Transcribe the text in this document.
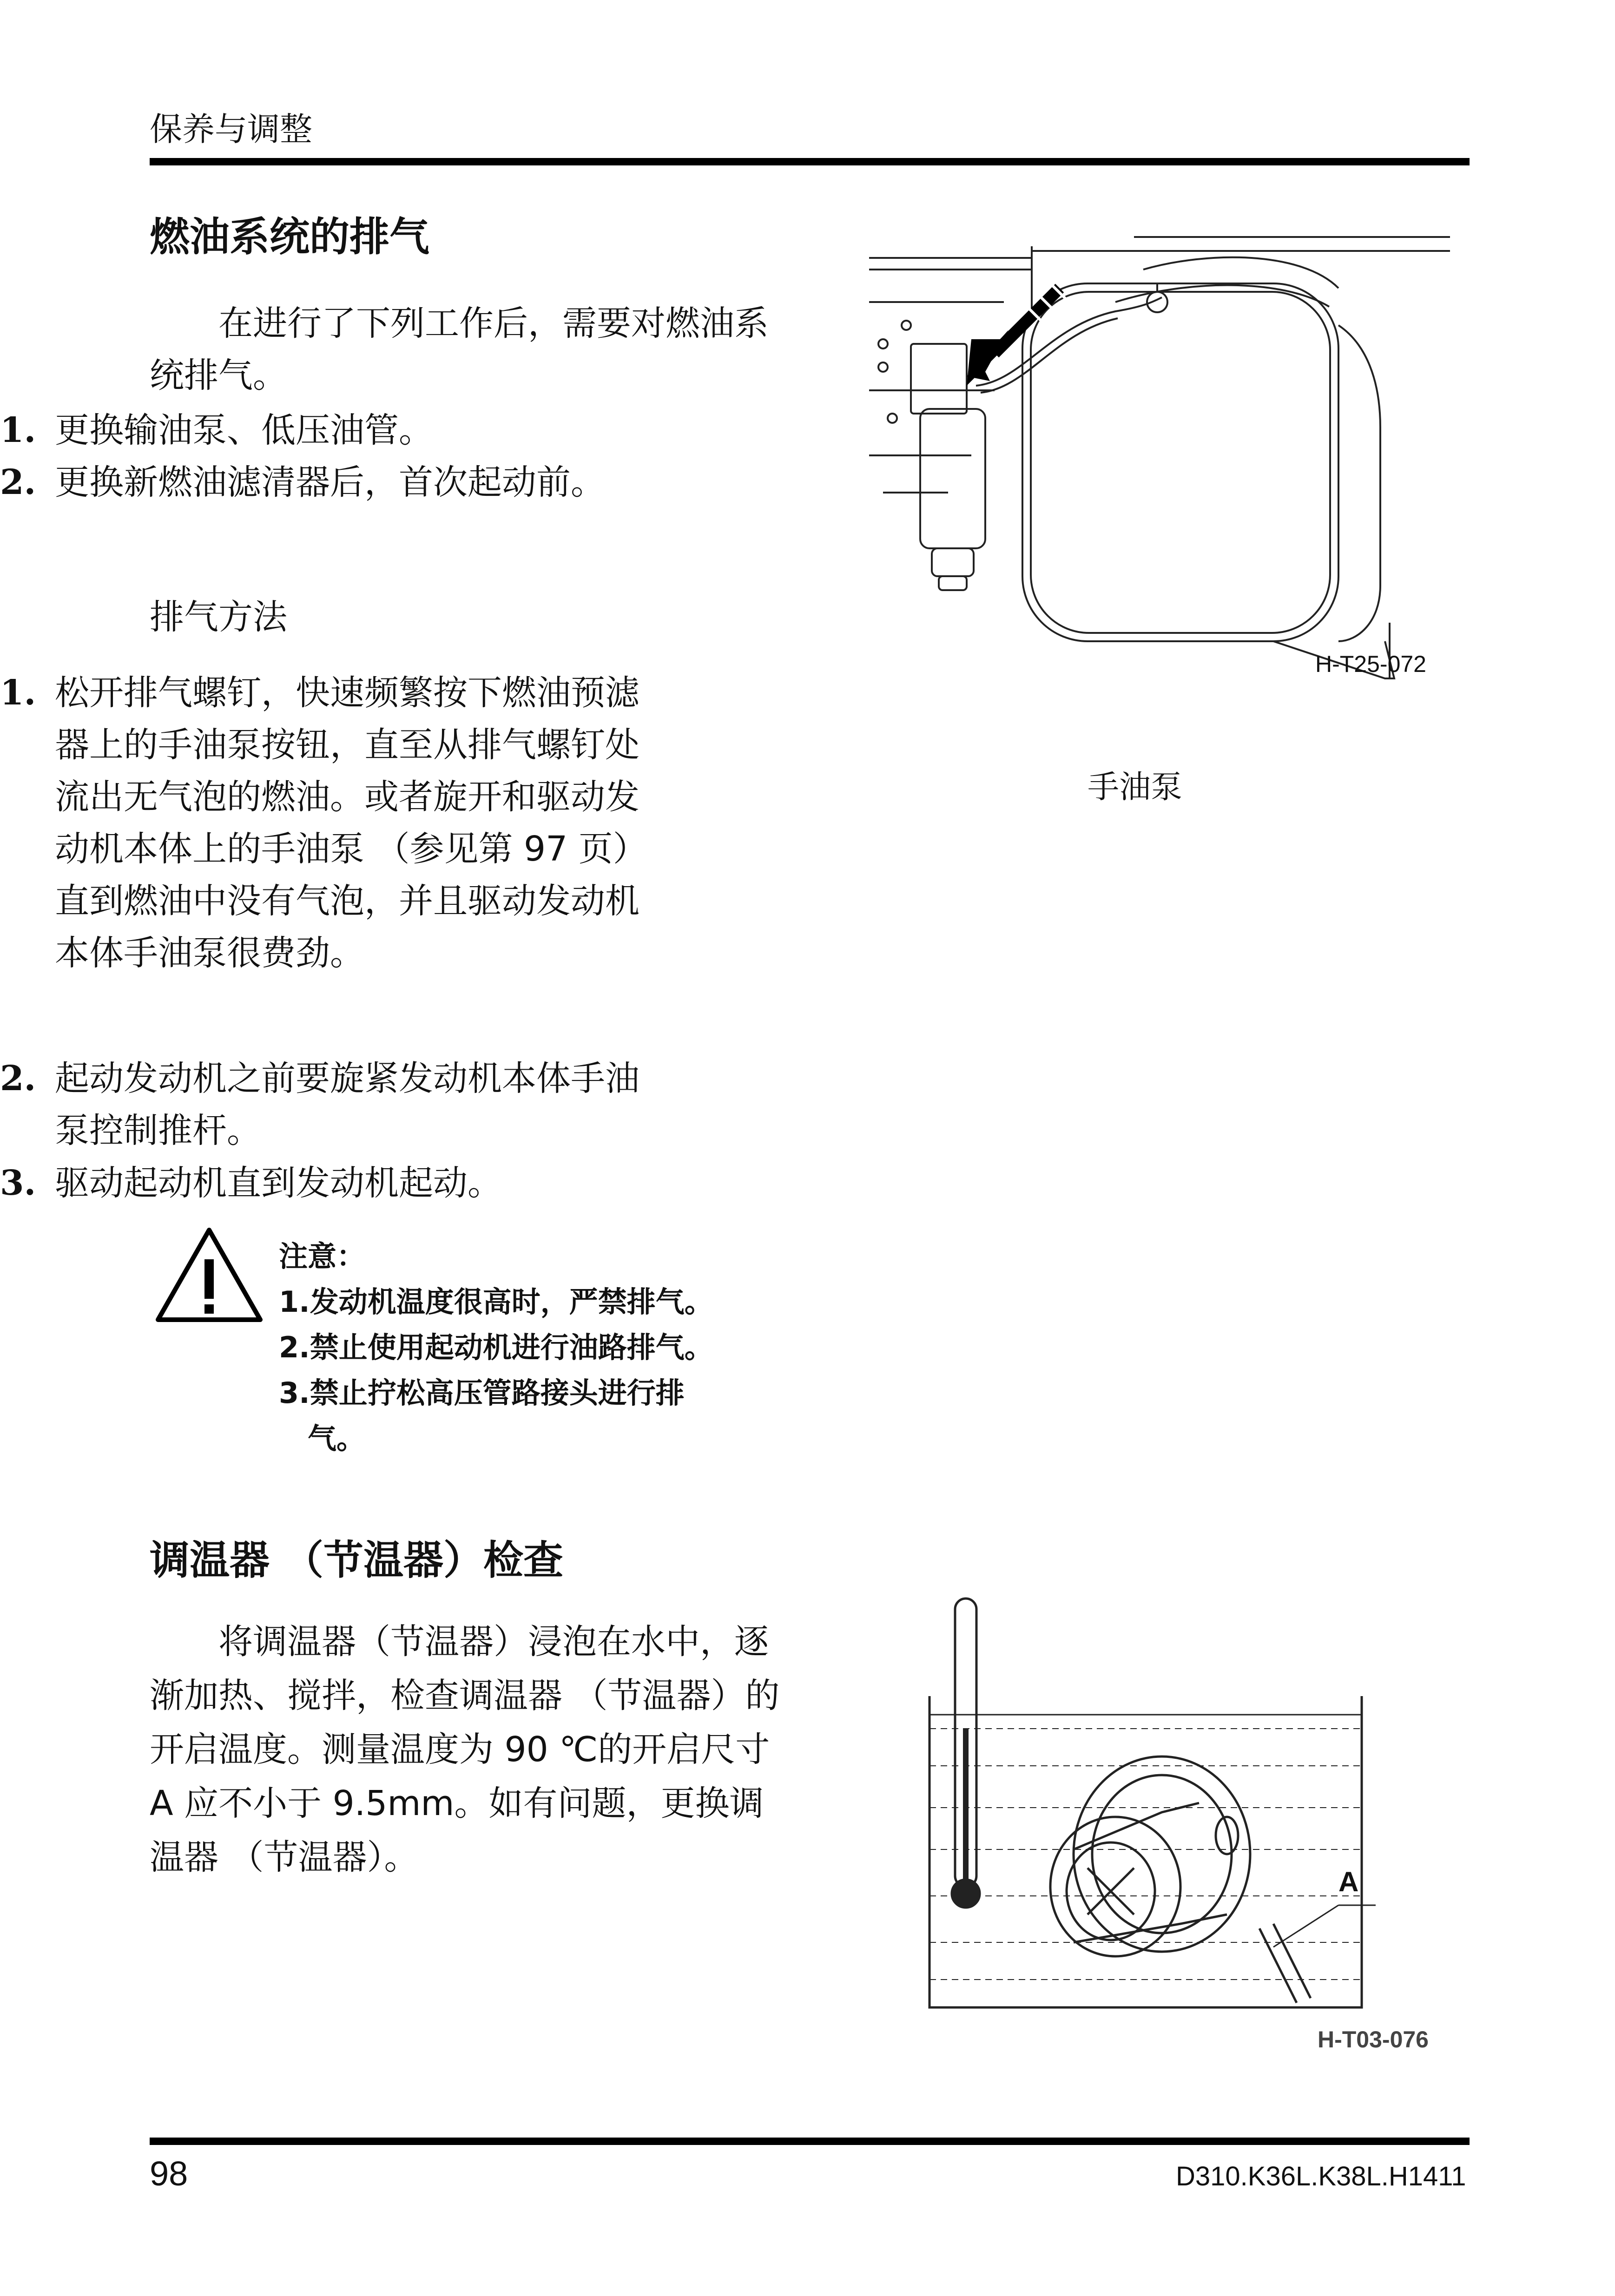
保养与调整
燃油系统的排气
在进行了下列工作后，需要对燃油系统排气。
1. 更换输油泵、低压油管。
2. 更换新燃油滤清器后，首次起动前。
排气方法
1. 松开排气螺钉，快速频繁按下燃油预滤器上的手油泵按钮，直至从排气螺钉处流出无气泡的燃油。或者旋开和驱动发动机本体上的手油泵 （参见第 97 页）直到燃油中没有气泡，并且驱动发动机本体手油泵很费劲。
2. 起动发动机之前要旋紧发动机本体手油泵控制推杆。
3. 驱动起动机直到发动机起动。
注意：
1.发动机温度很高时，严禁排气。
2.禁止使用起动机进行油路排气。
3.禁止拧松高压管路接头进行排
气。
H-T25-072
手油泵
调温器 （节温器）检查
将调温器（节温器）浸泡在水中，逐渐加热、搅拌，检查调温器 （节温器）的开启温度。测量温度为 90 ℃的开启尺寸 A 应不小于 9.5mm。如有问题，更换调温器 （节温器）。
A
H-T03-076
98	D310.K36L.K38L.H1411
